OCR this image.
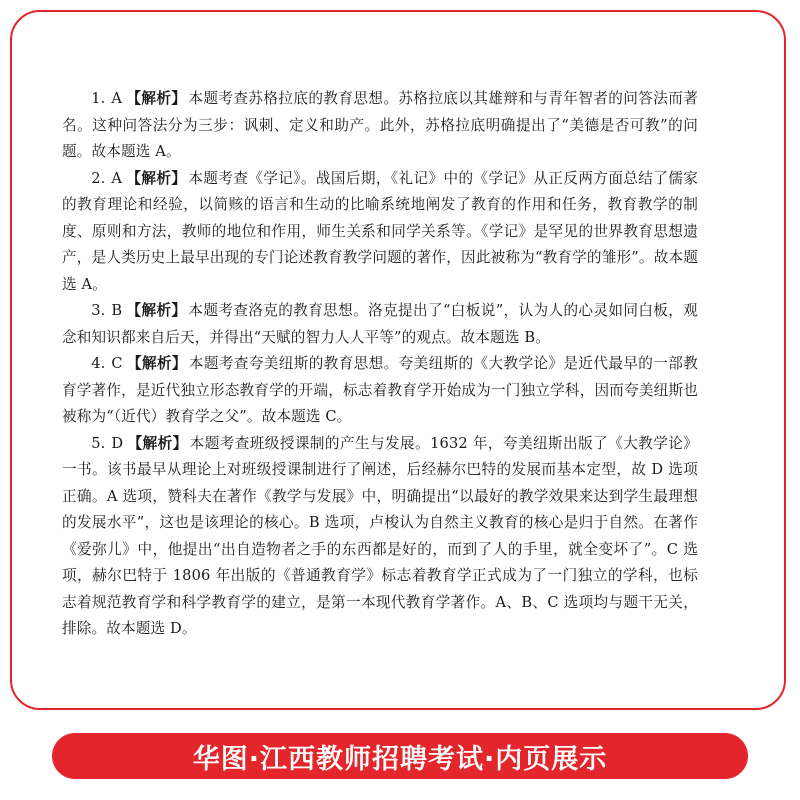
1. A 【解析】 本题考查苏格拉底的教育思想。苏格拉底以其雄辩和与青年智者的问答法而著名。这种问答法分为三步：讽刺、定义和助产。此外，苏格拉底明确提出了“美德是否可教”的问题。故本题选 A。

2. A 【解析】 本题考查《学记》。战国后期，《礼记》中的《学记》从正反两方面总结了儒家的教育理论和经验，以简赅的语言和生动的比喻系统地阐发了教育的作用和任务，教育教学的制度、原则和方法，教师的地位和作用，师生关系和同学关系等。《学记》是罕见的世界教育思想遗产，是人类历史上最早出现的专门论述教育教学问题的著作，因此被称为“教育学的雏形”。故本题选 A。

3. B 【解析】 本题考查洛克的教育思想。洛克提出了“白板说”，认为人的心灵如同白板，观念和知识都来自后天，并得出“天赋的智力人人平等”的观点。故本题选 B。

4. C 【解析】 本题考查夸美纽斯的教育思想。夸美纽斯的《大教学论》是近代最早的一部教育学著作，是近代独立形态教育学的开端，标志着教育学开始成为一门独立学科，因而夸美纽斯也被称为“（近代）教育学之父”。故本题选 C。

5. D 【解析】 本题考查班级授课制的产生与发展。1632 年，夸美纽斯出版了《大教学论》一书。该书最早从理论上对班级授课制进行了阐述，后经赫尔巴特的发展而基本定型，故 D 选项正确。A 选项，赞科夫在著作《教学与发展》中，明确提出“以最好的教学效果来达到学生最理想的发展水平”，这也是该理论的核心。B 选项，卢梭认为自然主义教育的核心是归于自然。在著作《爱弥儿》中，他提出“出自造物者之手的东西都是好的，而到了人的手里，就全变坏了”。C 选项，赫尔巴特于 1806 年出版的《普通教育学》标志着教育学正式成为了一门独立的学科，也标志着规范教育学和科学教育学的建立，是第一本现代教育学著作。A、B、C 选项均与题干无关，排除。故本题选 D。

华图·江西教师招聘考试·内页展示
